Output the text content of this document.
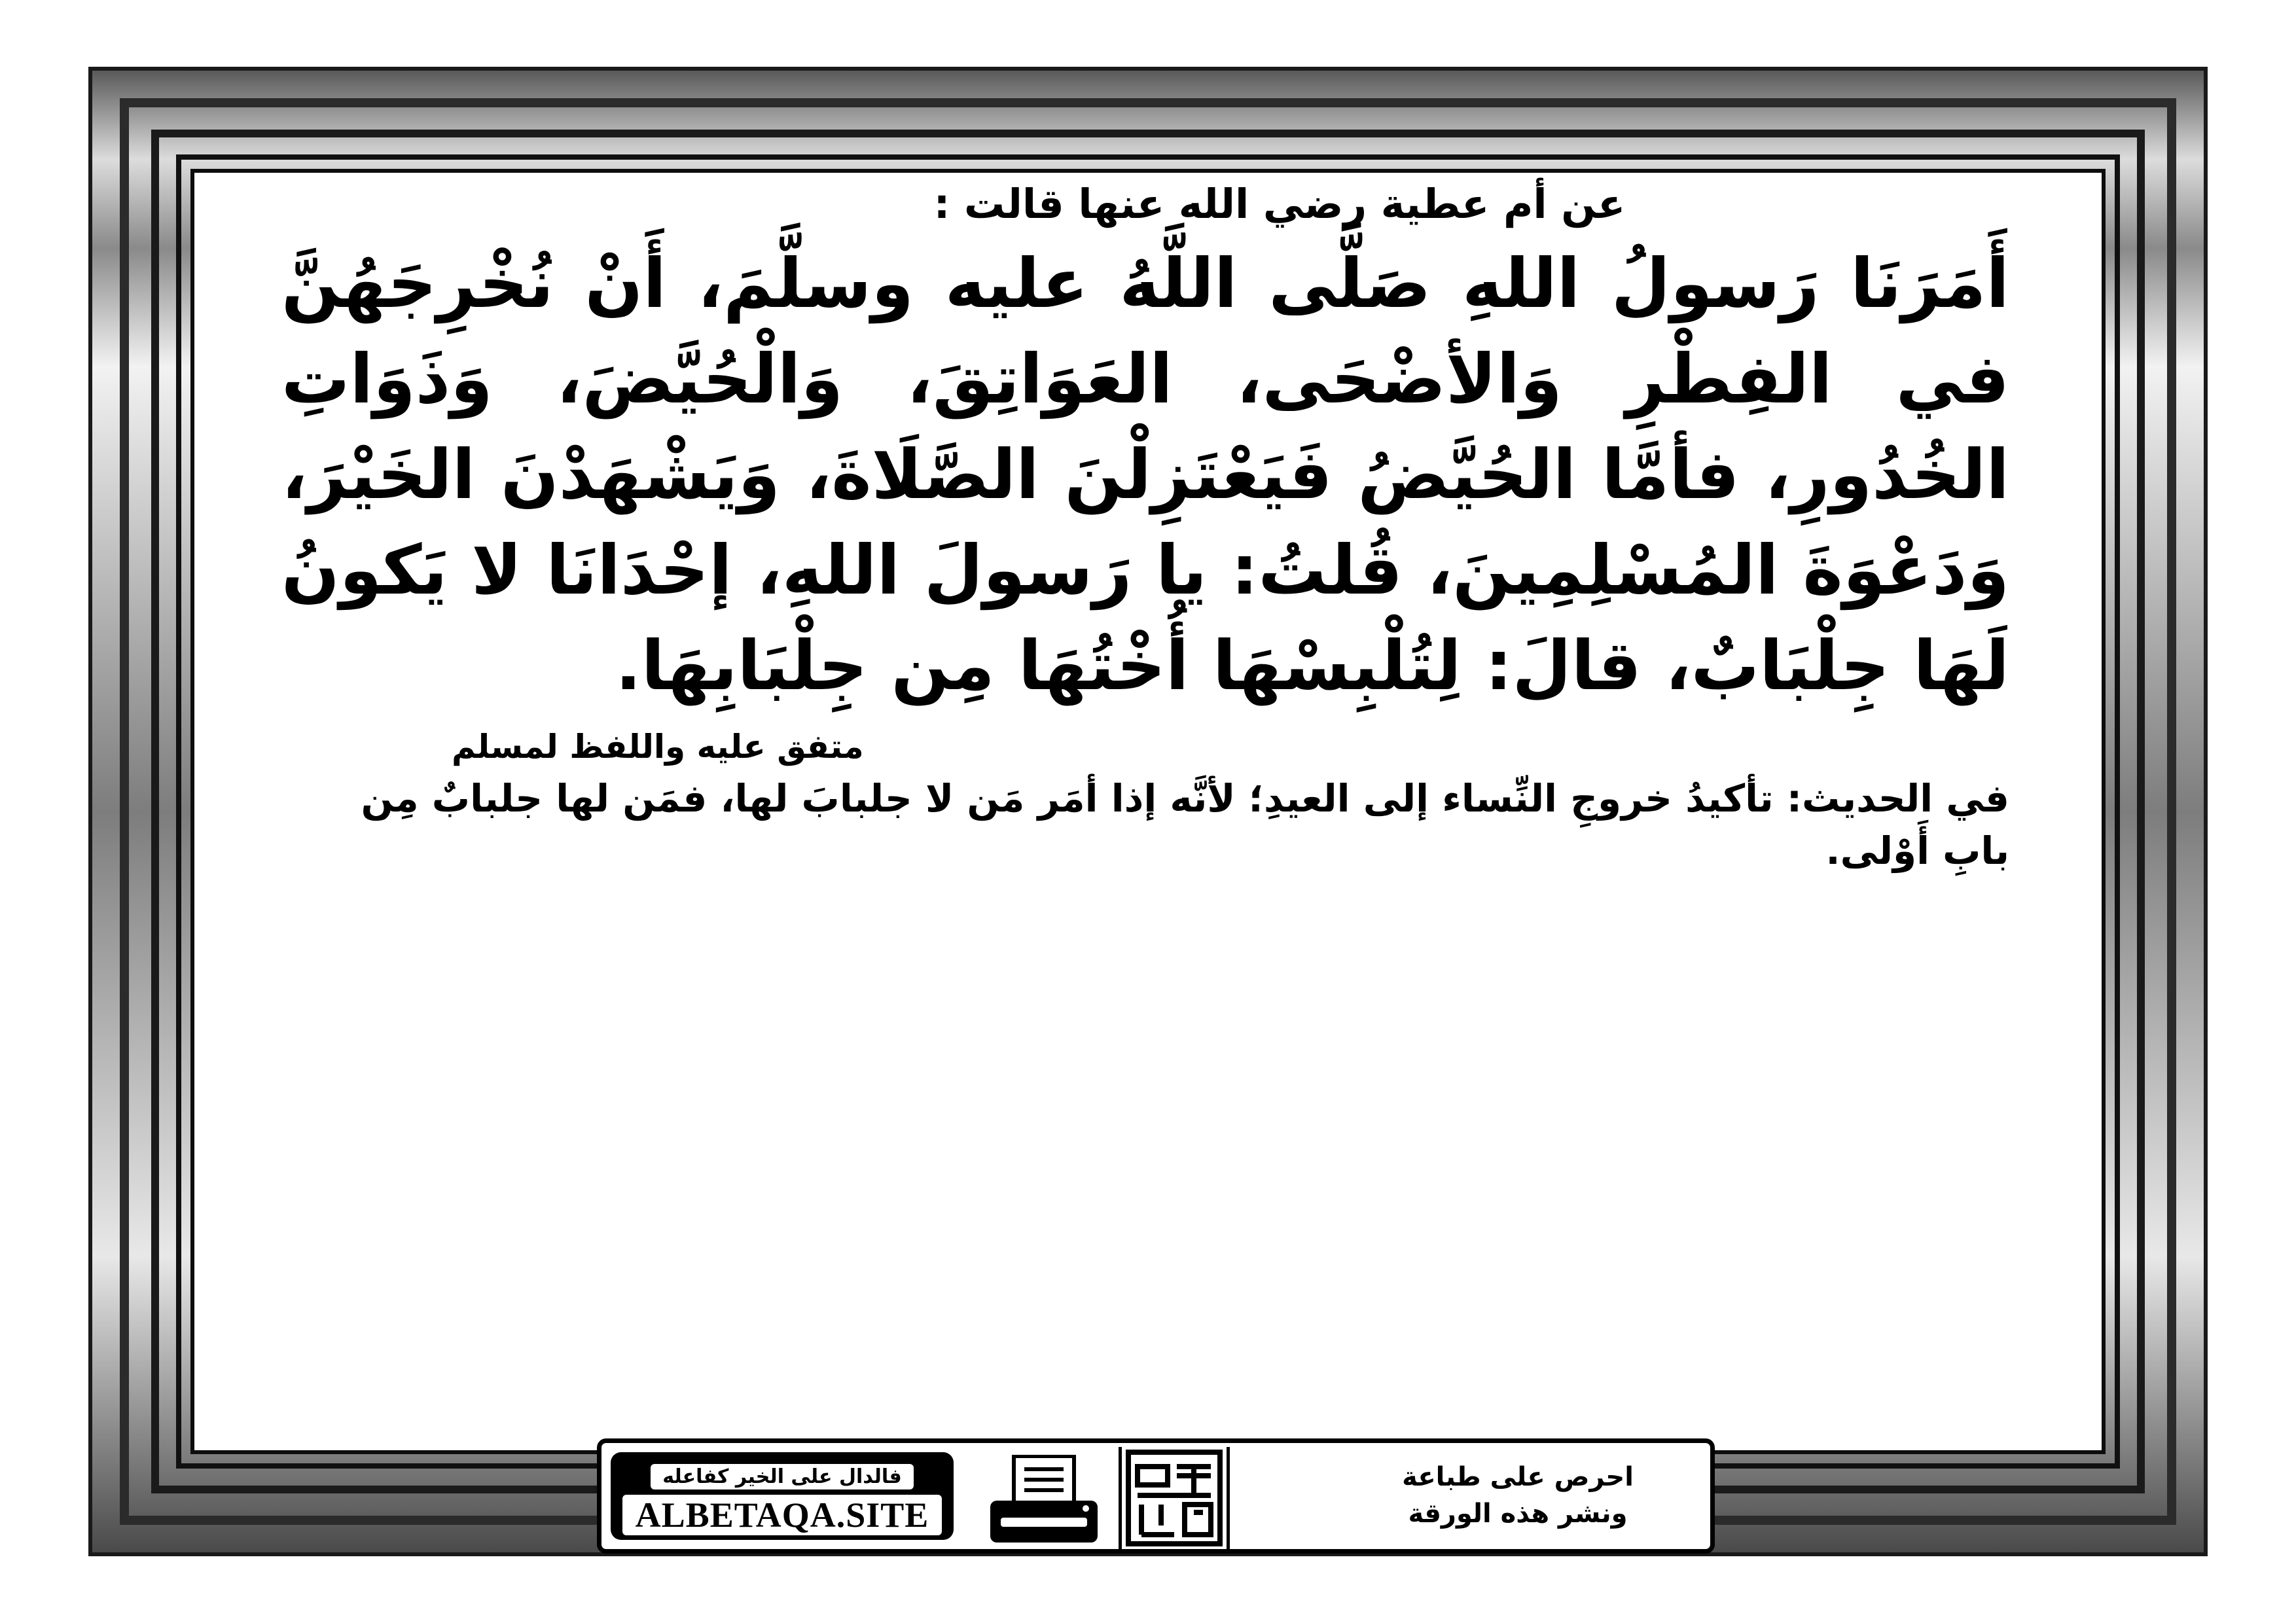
عن أم عطية رضي الله عنها قالت :

أَمَرَنَا رَسولُ اللهِ صَلَّى اللَّهُ عليه وسلَّمَ، أَنْ نُخْرِجَهُنَّ في الفِطْرِ وَالأضْحَى، العَوَاتِقَ، وَالْحُيَّضَ، وَذَوَاتِ الخُدُورِ، فأمَّا الحُيَّضُ فَيَعْتَزِلْنَ الصَّلَاةَ، وَيَشْهَدْنَ الخَيْرَ، وَدَعْوَةَ المُسْلِمِينَ، قُلتُ: يا رَسولَ اللهِ، إحْدَانَا لا يَكونُ لَهَا جِلْبَابٌ، قالَ: لِتُلْبِسْهَا أُخْتُهَا مِن جِلْبَابِهَا.

متفق عليه واللفظ لمسلم

في الحديث: تأكيدُ خروجِ النِّساء إلى العيدِ؛ لأنَّه إذا أمَر مَن لا جلبابَ لها، فمَن لها جلبابٌ مِن بابِ أَوْلى.

فالدال على الخير كفاعله
ALBETAQA.SITE
احرص على طباعة
ونشر هذه الورقة
